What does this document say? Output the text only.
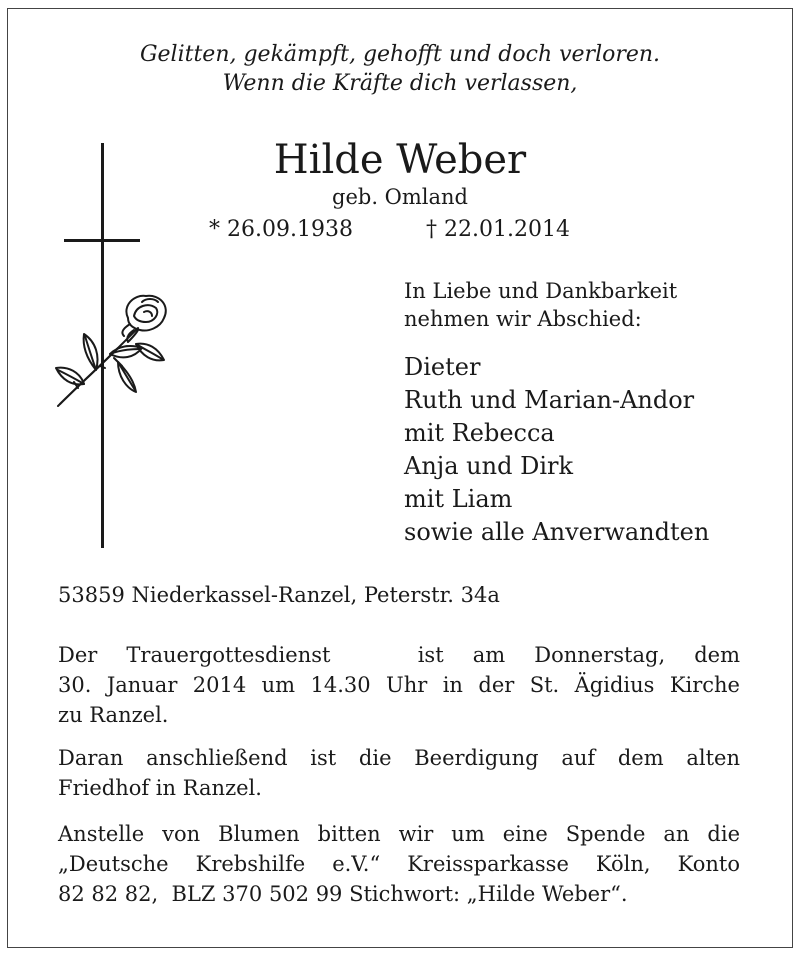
Gelitten, gekämpft, gehofft und doch verloren.
Wenn die Kräfte dich verlassen,
Hilde Weber
geb. Omland
* 26.09.1938	† 22.01.2014
In Liebe und Dankbarkeit
nehmen wir Abschied:
Dieter
Ruth und Marian-Andor
mit Rebecca
Anja und Dirk
mit Liam
sowie alle Anverwandten
53859 Niederkassel-Ranzel, Peterstr. 34a
Der Trauergottesdienst   ist am Donnerstag, dem
30. Januar 2014 um 14.30 Uhr in der St. Ägidius Kirche
zu Ranzel.
Daran anschließend ist die Beerdigung auf dem alten
Friedhof in Ranzel.
Anstelle von Blumen bitten wir um eine Spende an die
„Deutsche Krebshilfe e.V.“ Kreissparkasse Köln, Konto
82 82 82,  BLZ 370 502 99 Stichwort: „Hilde Weber“.
